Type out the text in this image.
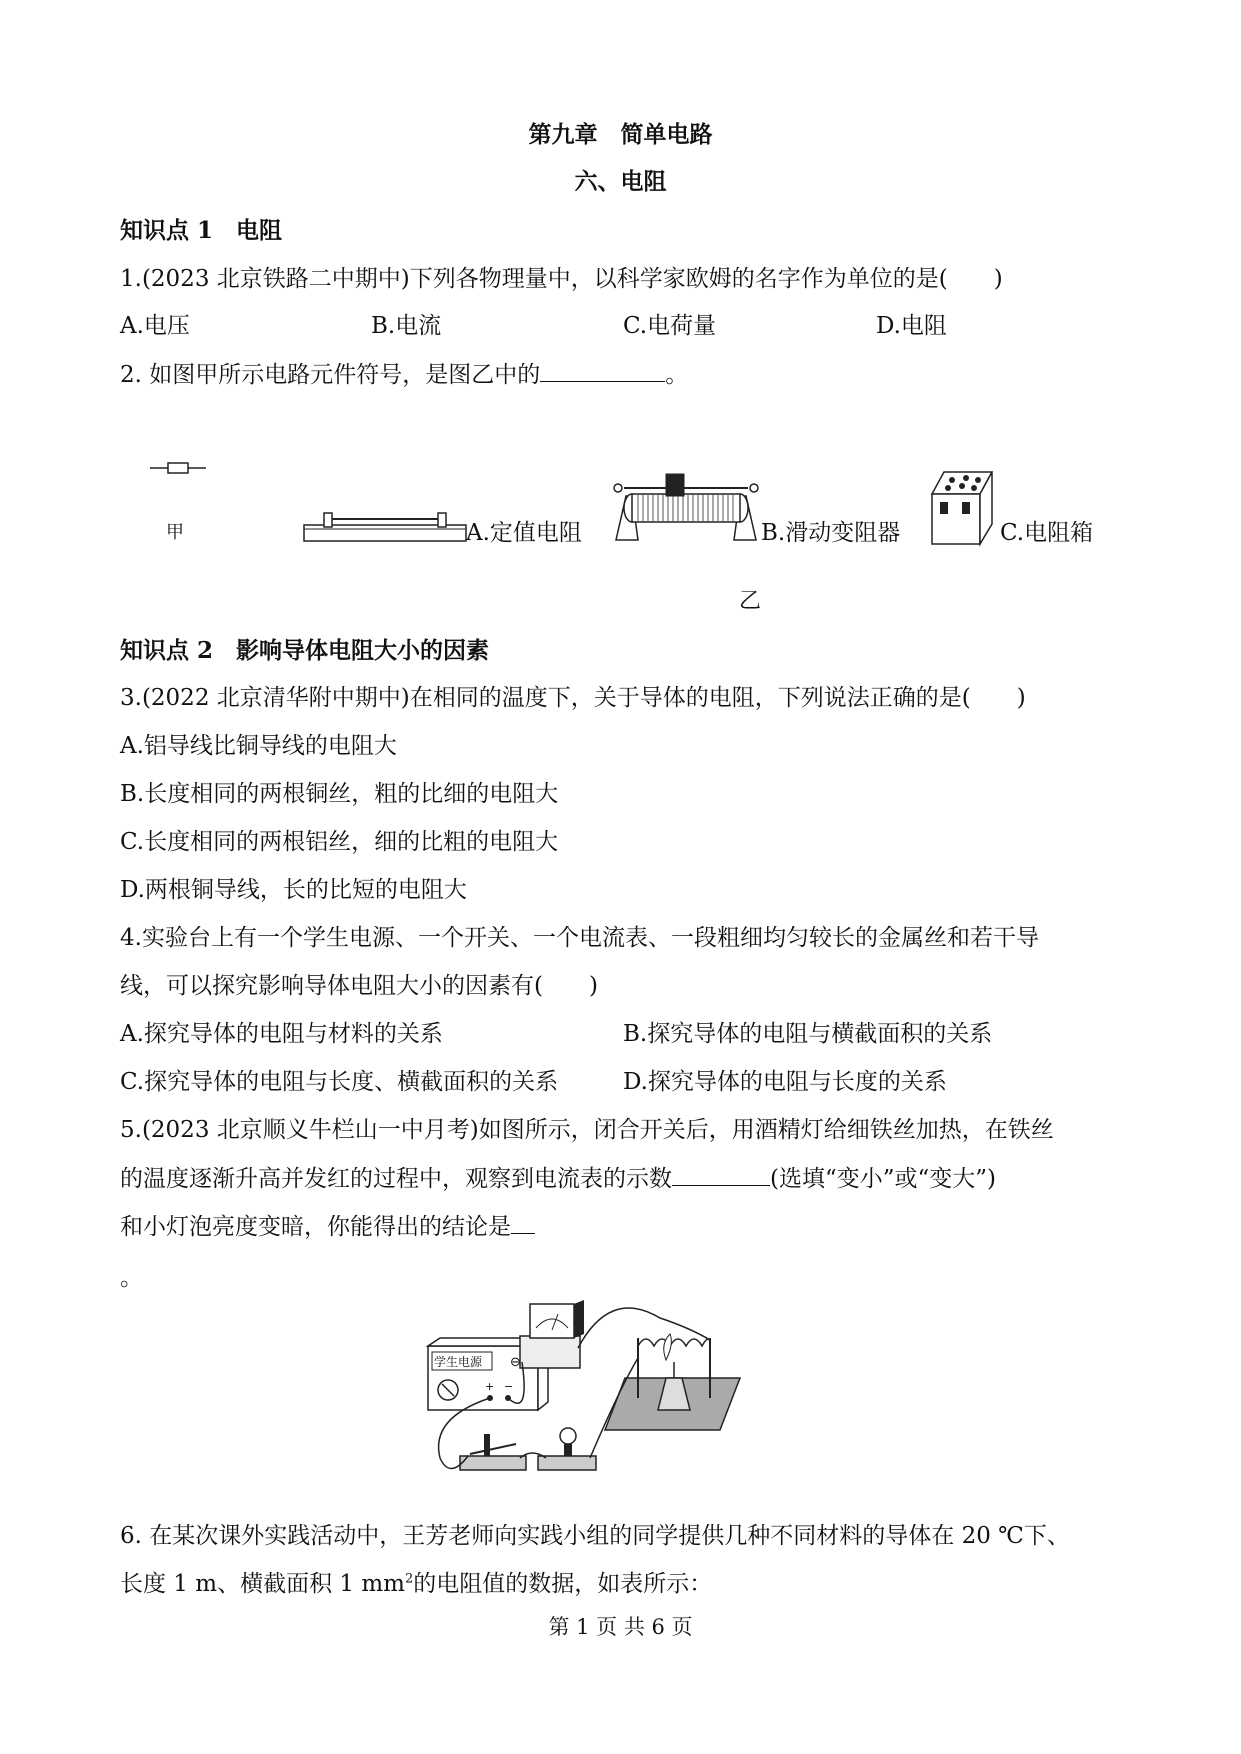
第九章　简单电路
六、电阻
知识点 1　电阻
1.(2023 北京铁路二中期中)下列各物理量中，以科学家欧姆的名字作为单位的是(　　)
A.电压	B.电流	C.电荷量	D.电阻
2. 如图甲所示电路元件符号，是图乙中的	。
甲	A.定值电阻	B.滑动变阻器	C.电阻箱
乙
知识点 2　影响导体电阻大小的因素
3.(2022 北京清华附中期中)在相同的温度下，关于导体的电阻，下列说法正确的是(　　)
A.铝导线比铜导线的电阻大
B.长度相同的两根铜丝，粗的比细的电阻大
C.长度相同的两根铝丝，细的比粗的电阻大
D.两根铜导线，长的比短的电阻大
4.实验台上有一个学生电源、一个开关、一个电流表、一段粗细均匀较长的金属丝和若干导
线，可以探究影响导体电阻大小的因素有(　　)
A.探究导体的电阻与材料的关系	B.探究导体的电阻与横截面积的关系
C.探究导体的电阻与长度、横截面积的关系	D.探究导体的电阻与长度的关系
5.(2023 北京顺义牛栏山一中月考)如图所示，闭合开关后，用酒精灯给细铁丝加热，在铁丝
的温度逐渐升高并发红的过程中，观察到电流表的示数	(选填“变小”或“变大”)
和小灯泡亮度变暗，你能得出的结论是
。
学生电源 ⊖
+ −
6. 在某次课外实践活动中，王芳老师向实践小组的同学提供几种不同材料的导体在 20 ℃下、
长度 1 m、横截面积 1 $mm^2$的电阻值的数据，如表所示：
第 1 页 共 6 页
